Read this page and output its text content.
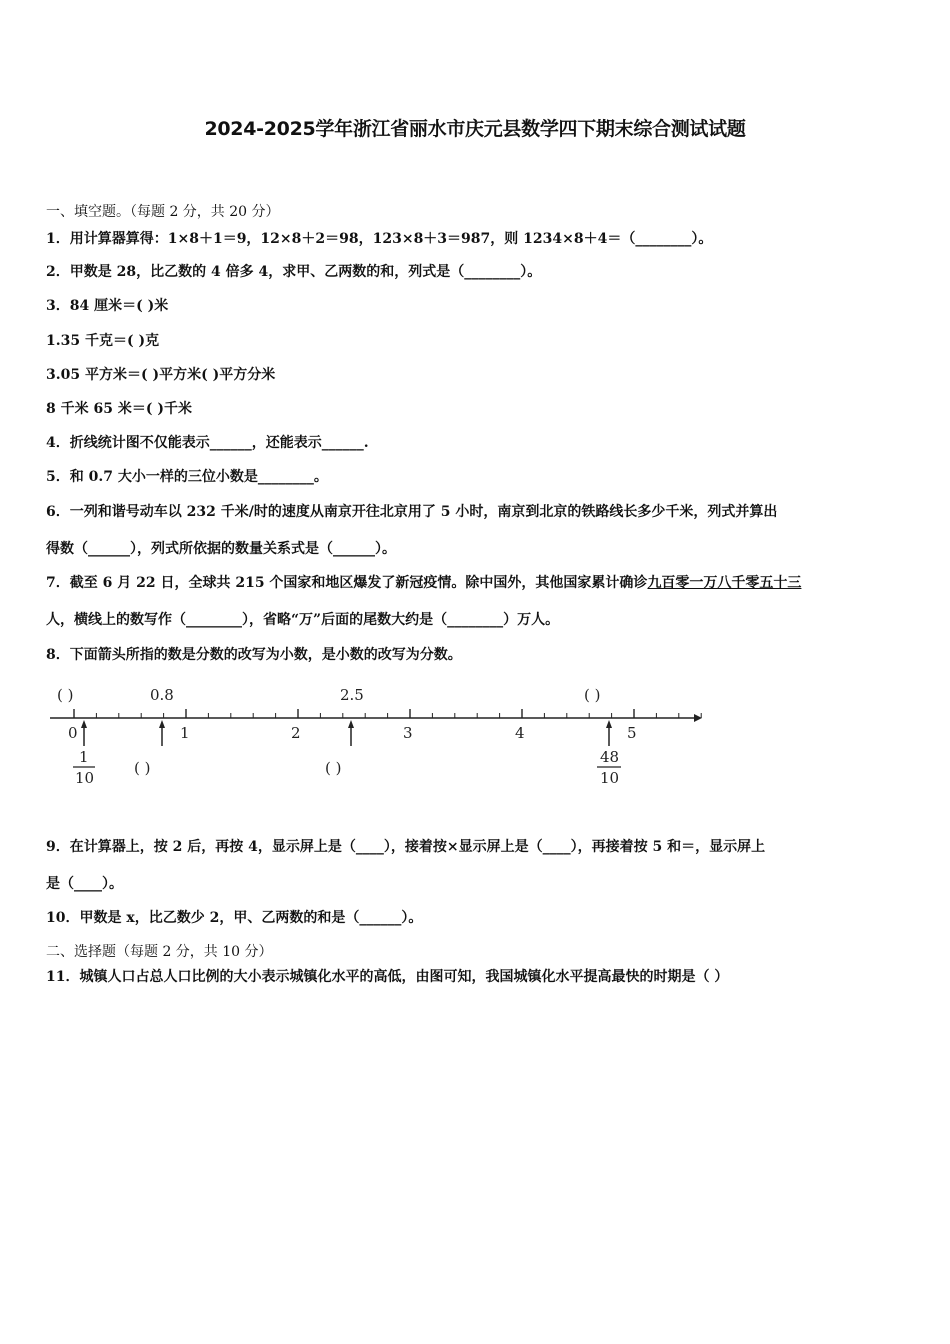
2024-2025学年浙江省丽水市庆元县数学四下期末综合测试试题
一、填空题。（每题 2 分，共 20 分）
1．用计算器算得：1×8＋1＝9，12×8＋2＝98，123×8＋3＝987，则 1234×8＋4＝（________）。
2．甲数是 28，比乙数的 4 倍多 4，求甲、乙两数的和，列式是（________）。
3．84 厘米＝( )米
1.35 千克＝( )克
3.05 平方米＝( )平方米( )平方分米
8 千米 65 米＝( )千米
4．折线统计图不仅能表示______，还能表示______.
5．和 0.7 大小一样的三位小数是________。
6．一列和谐号动车以 232 千米/时的速度从南京开往北京用了 5 小时，南京到北京的铁路线长多少千米，列式并算出
得数（______），列式所依据的数量关系式是（______）。
7．截至 6 月 22 日，全球共 215 个国家和地区爆发了新冠疫情。除中国外，其他国家累计确诊九百零一万八千零五十三
人，横线上的数写作（________），省略“万”后面的尾数大约是（________）万人。
8．下面箭头所指的数是分数的改写为小数，是小数的改写为分数。
( )	0.8	2.5	( )
0	1	2	3	4	5
1
10
( )	( )
48
10
9．在计算器上，按 2 后，再按 4，显示屏上是（____），接着按×显示屏上是（____），再接着按 5 和＝，显示屏上
是（____）。
10．甲数是 x，比乙数少 2，甲、乙两数的和是（______）。
二、选择题（每题 2 分，共 10 分）
11．城镇人口占总人口比例的大小表示城镇化水平的高低，由图可知，我国城镇化水平提高最快的时期是（ ）
